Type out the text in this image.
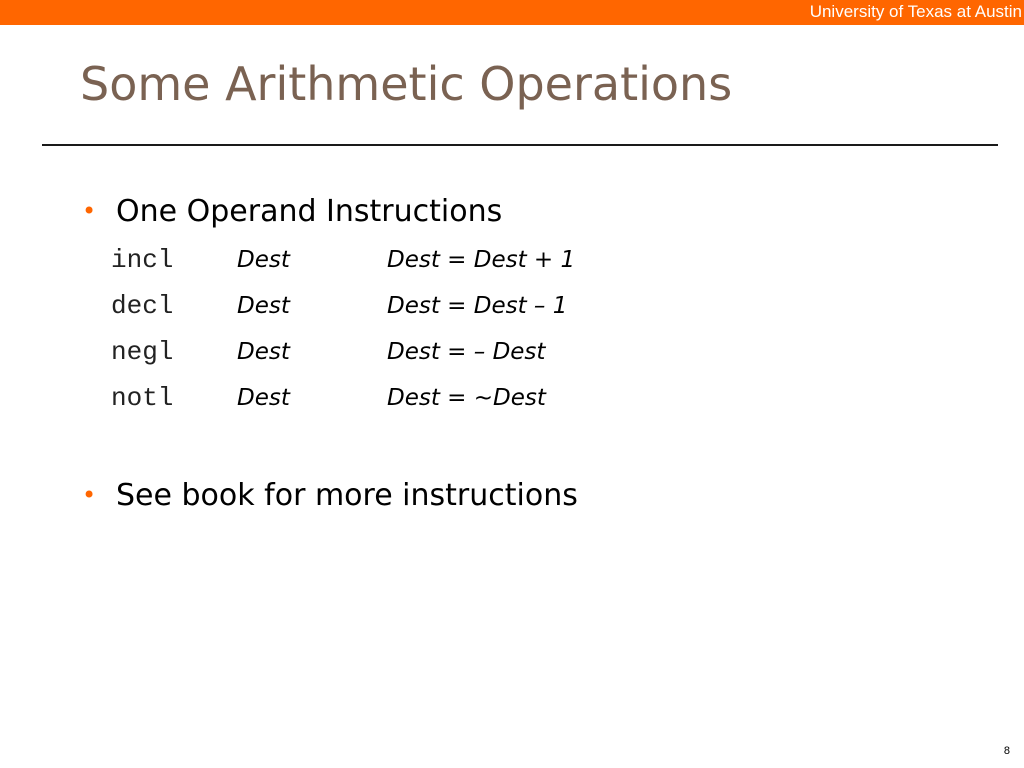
University of Texas at Austin
Some Arithmetic Operations
• One Operand Instructions
incl	Dest	Dest = Dest + 1
decl	Dest	Dest = Dest – 1
negl	Dest	Dest = – Dest
notl	Dest	Dest = ~Dest
• See book for more instructions
8
